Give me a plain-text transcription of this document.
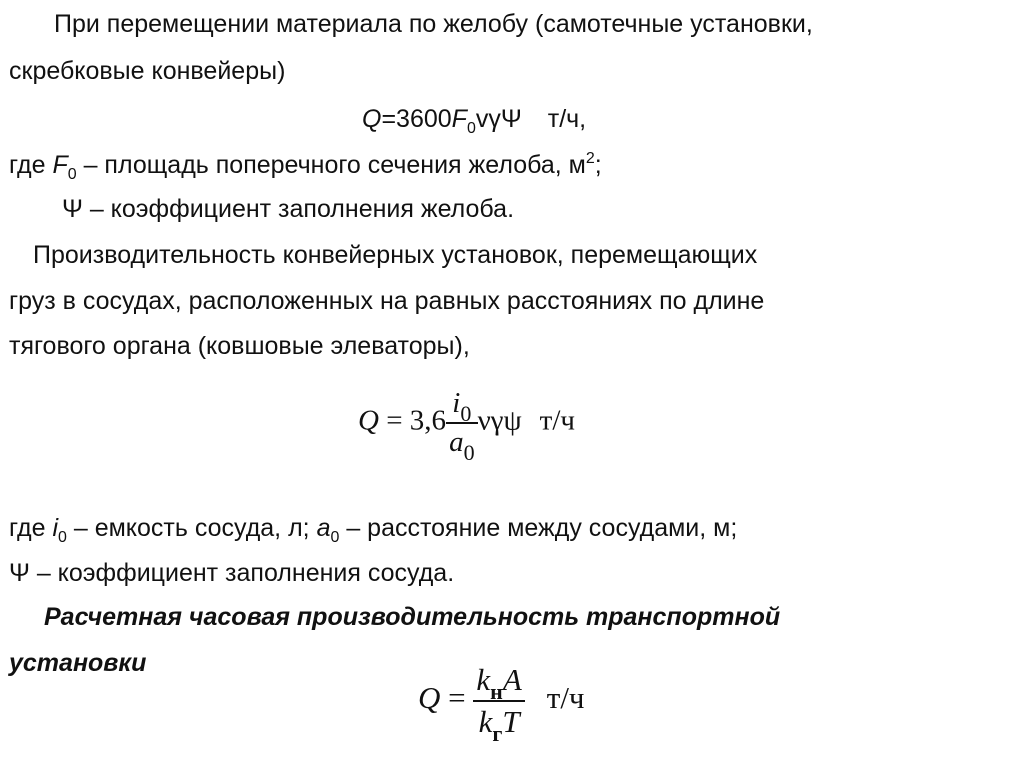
При перемещении материала по желобу (самотечные установки,
скребковые конвейеры)
$Q=3600F_0v\gamma\Psi$ т/ч,
где $F_0$ – площадь поперечного сечения желоба, $м^2$;
Ψ – коэффициент заполнения желоба.
Производительность конвейерных установок, перемещающих
груз в сосудах, расположенных на равных расстояниях по длине
тягового органа (ковшовые элеваторы),
$Q = 3,6 \frac{i_0}{a_0}$ νγψ т/ч
где $i_0$ – емкость сосуда, л; $a_0$ – расстояние между сосудами, м;
Ψ – коэффициент заполнения сосуда.
Расчетная часовая производительность транспортной
установки
$Q = \frac{k_нA}{k_гT} т/ч$
